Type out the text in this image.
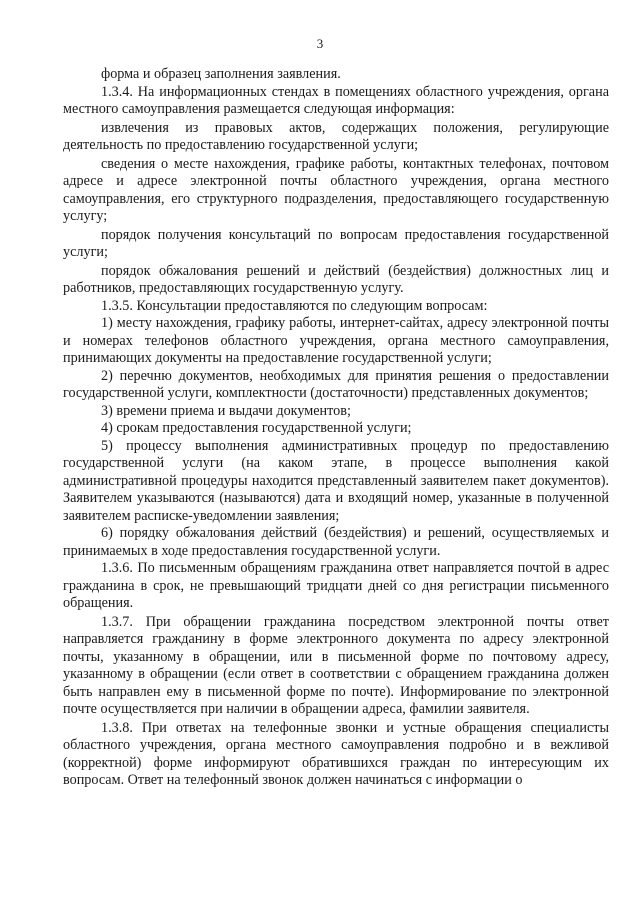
3

форма и образец заполнения заявления.

1.3.4. На информационных стендах в помещениях областного учреждения, органа местного самоуправления размещается следующая информация:

извлечения из правовых актов, содержащих положения, регулирующие деятельность по предоставлению государственной услуги;

сведения о месте нахождения, графике работы, контактных телефонах, почтовом адресе и адресе электронной почты областного учреждения, органа местного самоуправления, его структурного подразделения, предоставляющего государственную услугу;

порядок получения консультаций по вопросам предоставления государственной услуги;

порядок обжалования решений и действий (бездействия) должностных лиц и работников, предоставляющих государственную услугу.

1.3.5. Консультации предоставляются по следующим вопросам:

1) месту нахождения, графику работы, интернет-сайтах, адресу электронной почты и номерах телефонов областного учреждения, органа местного самоуправления, принимающих документы на предоставление государственной услуги;

2) перечню документов, необходимых для принятия решения о предоставлении государственной услуги, комплектности (достаточности) представленных документов;

3) времени приема и выдачи документов;

4) срокам предоставления государственной услуги;

5) процессу выполнения административных процедур по предоставлению государственной услуги (на каком этапе, в процессе выполнения какой административной процедуры находится представленный заявителем пакет документов). Заявителем указываются (называются) дата и входящий номер, указанные в полученной заявителем расписке-уведомлении заявления;

6) порядку обжалования действий (бездействия) и решений, осуществляемых и принимаемых в ходе предоставления государственной услуги.

1.3.6. По письменным обращениям гражданина ответ направляется почтой в адрес гражданина в срок, не превышающий тридцати дней со дня регистрации письменного обращения.

1.3.7. При обращении гражданина посредством электронной почты ответ направляется гражданину в форме электронного документа по адресу электронной почты, указанному в обращении, или в письменной форме по почтовому адресу, указанному в обращении (если ответ в соответствии с обращением гражданина должен быть направлен ему в письменной форме по почте). Информирование по электронной почте осуществляется при наличии в обращении адреса, фамилии заявителя.

1.3.8. При ответах на телефонные звонки и устные обращения специалисты областного учреждения, органа местного самоуправления подробно и в вежливой (корректной) форме информируют обратившихся граждан по интересующим их вопросам. Ответ на телефонный звонок должен начинаться с информации о
